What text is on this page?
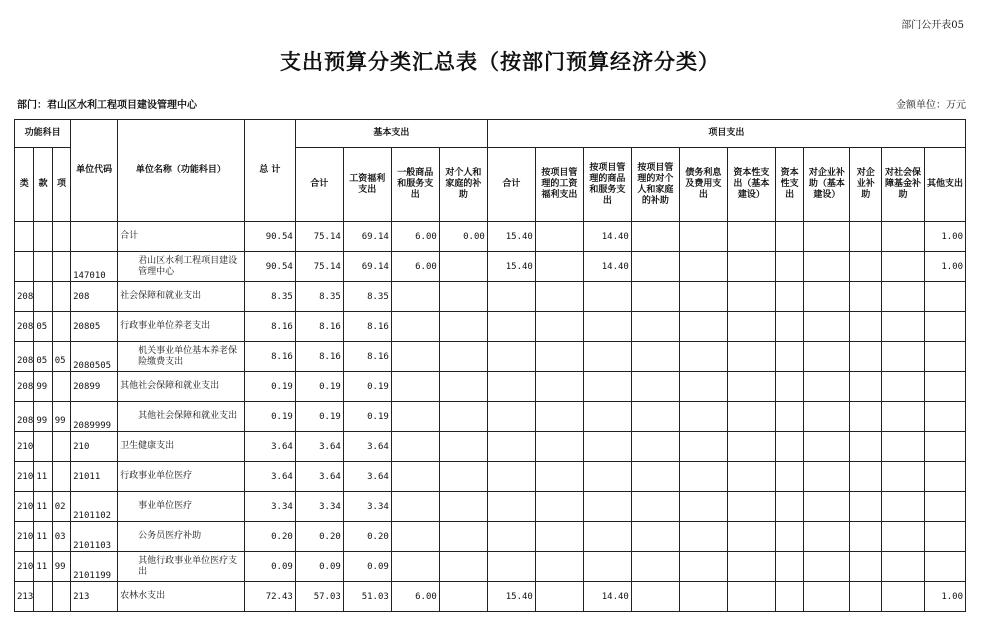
部门公开表05
支出预算分类汇总表（按部门预算经济分类）
部门：君山区水利工程项目建设管理中心	金额单位：万元
功能科目			单位代码	单位名称（功能科目）	总 计	基本支出				项目支出										
类	款	项				合计	工资福利支出	一般商品和服务支出	对个人和家庭的补助	合计	按项目管理的工资福利支出	按项目管理的商品和服务支出	按项目管理的对个人和家庭的补助	债务利息及费用支出	资本性支出（基本建设）	资本性支出	对企业补助（基本建设）	对企业补助	对社会保障基金补助	其他支出
				合计	90.54	75.14	69.14	6.00	0.00	15.40		14.40								1.00
			147010	君山区水利工程项目建设管理中心	90.54	75.14	69.14	6.00		15.40		14.40								1.00
208			208	社会保障和就业支出	8.35	8.35	8.35													
208	05		20805	行政事业单位养老支出	8.16	8.16	8.16													
208	05	05	2080505	机关事业单位基本养老保险缴费支出	8.16	8.16	8.16													
208	99		20899	其他社会保障和就业支出	0.19	0.19	0.19													
208	99	99	2089999	其他社会保障和就业支出	0.19	0.19	0.19													
210			210	卫生健康支出	3.64	3.64	3.64													
210	11		21011	行政事业单位医疗	3.64	3.64	3.64													
210	11	02	2101102	事业单位医疗	3.34	3.34	3.34													
210	11	03	2101103	公务员医疗补助	0.20	0.20	0.20													
210	11	99	2101199	其他行政事业单位医疗支出	0.09	0.09	0.09													
213			213	农林水支出	72.43	57.03	51.03	6.00		15.40		14.40								1.00
